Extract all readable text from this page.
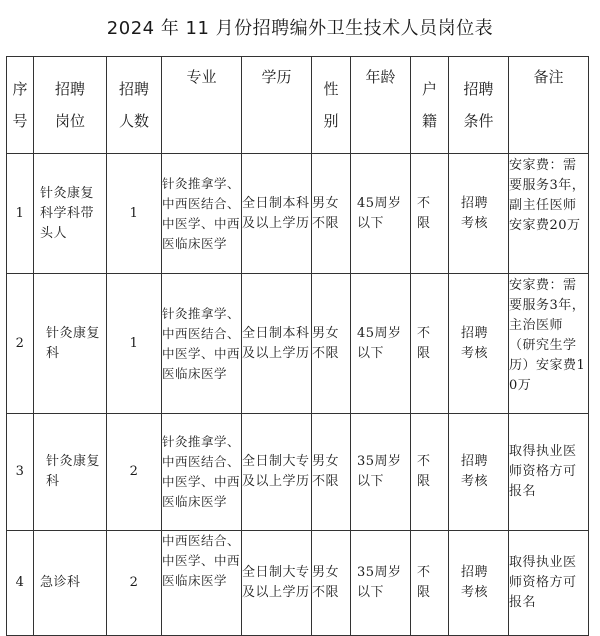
2024 年 11 月份招聘编外卫生技术人员岗位表
序号	招聘岗位	招聘人数	专业	学历	性别	年龄	户籍	招聘条件	备注
1	针灸康复科学科带头人	1	针灸推拿学、中西医结合、中医学、中西医临床医学	全日制本科及以上学历	男女不限	45周岁以下	不限	招聘考核	安家费：需要服务3年，副主任医师安家费20万
2	针灸康复科	1	针灸推拿学、中西医结合、中医学、中西医临床医学	全日制本科及以上学历	男女不限	45周岁以下	不限	招聘考核	安家费：需要服务3年，主治医师（研究生学历）安家费10万
3	针灸康复科	2	针灸推拿学、中西医结合、中医学、中西医临床医学	全日制大专及以上学历	男女不限	35周岁以下	不限	招聘考核	取得执业医师资格方可报名
4	急诊科	2	中西医结合、中医学、中西医临床医学	全日制大专及以上学历	男女不限	35周岁以下	不限	招聘考核	取得执业医师资格方可报名
